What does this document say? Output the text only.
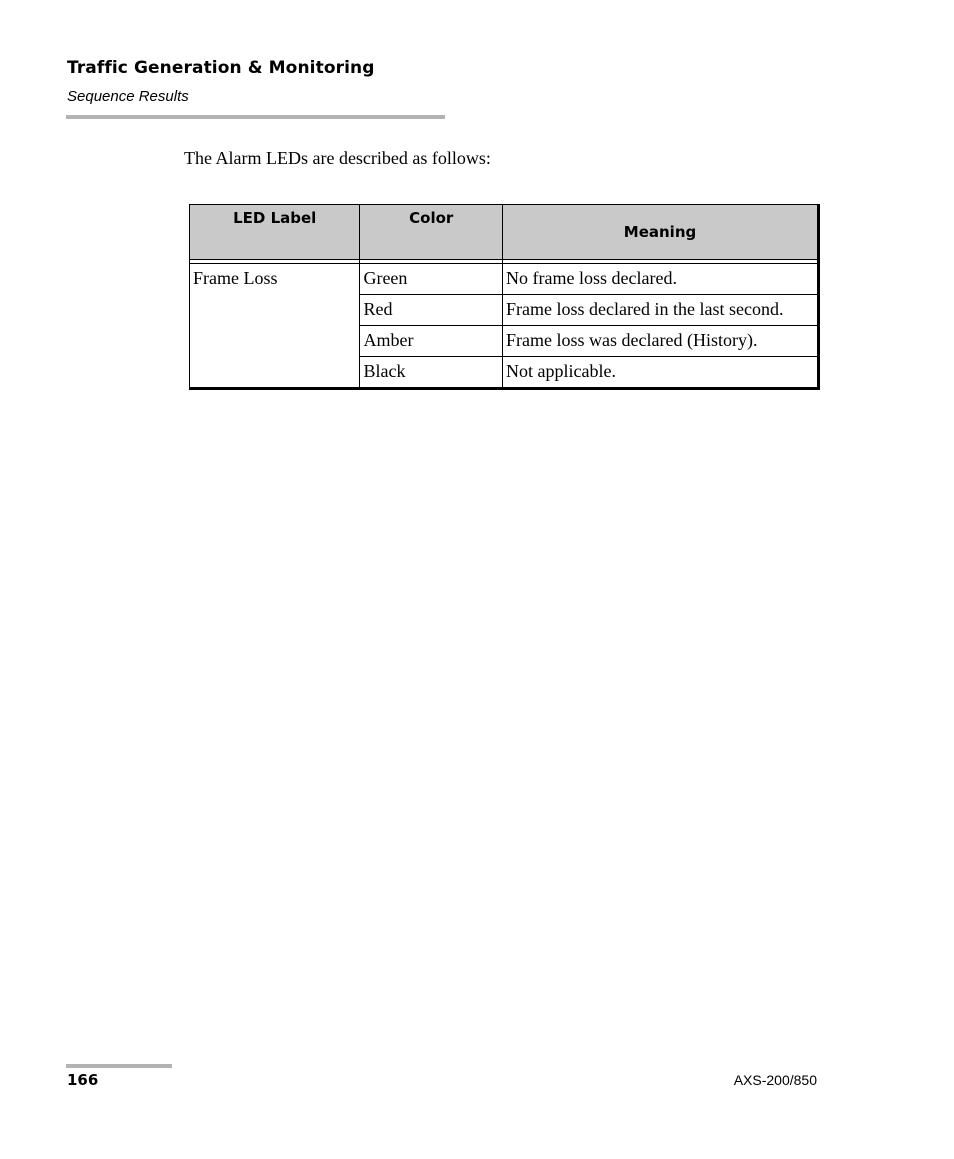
Traffic Generation & Monitoring
Sequence Results
The Alarm LEDs are described as follows:
LED Label	Color	Meaning

Frame Loss	Green	No frame loss declared.
	Red	Frame loss declared in the last second.
	Amber	Frame loss was declared (History).
	Black	Not applicable.
166	AXS-200/850
